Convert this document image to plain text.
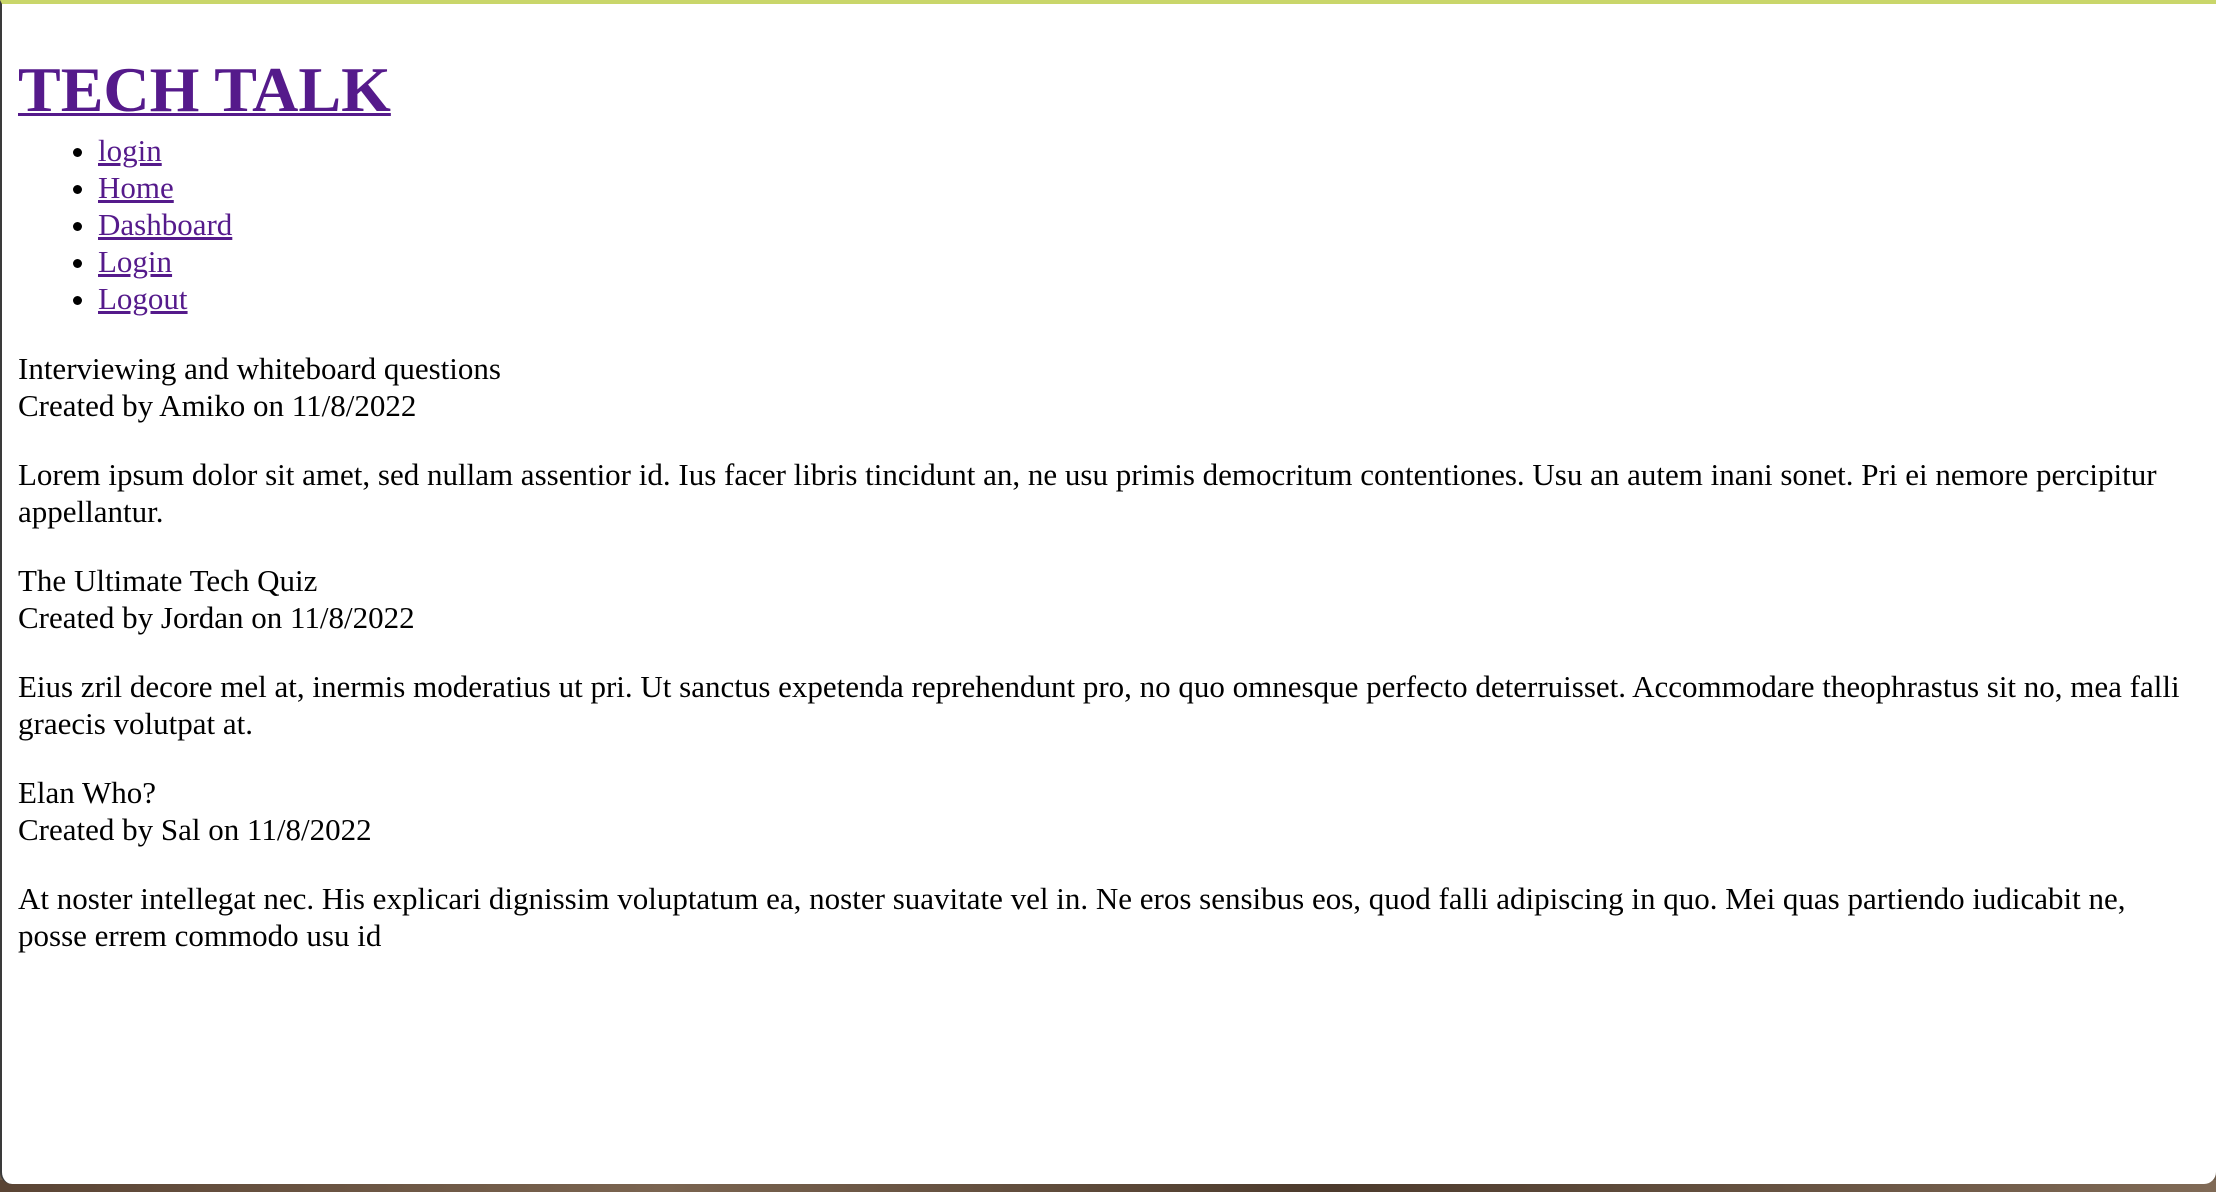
TECH TALK
• login
• Home
• Dashboard
• Login
• Logout
Interviewing and whiteboard questions
Created by Amiko on 11/8/2022

Lorem ipsum dolor sit amet, sed nullam assentior id. Ius facer libris tincidunt an, ne usu primis democritum contentiones. Usu an autem inani sonet. Pri ei nemore percipitur appellantur.

The Ultimate Tech Quiz
Created by Jordan on 11/8/2022

Eius zril decore mel at, inermis moderatius ut pri. Ut sanctus expetenda reprehendunt pro, no quo omnesque perfecto deterruisset. Accommodare theophrastus sit no, mea falli graecis volutpat at.

Elan Who?
Created by Sal on 11/8/2022

At noster intellegat nec. His explicari dignissim voluptatum ea, noster suavitate vel in. Ne eros sensibus eos, quod falli adipiscing in quo. Mei quas partiendo iudicabit ne, posse errem commodo usu id
